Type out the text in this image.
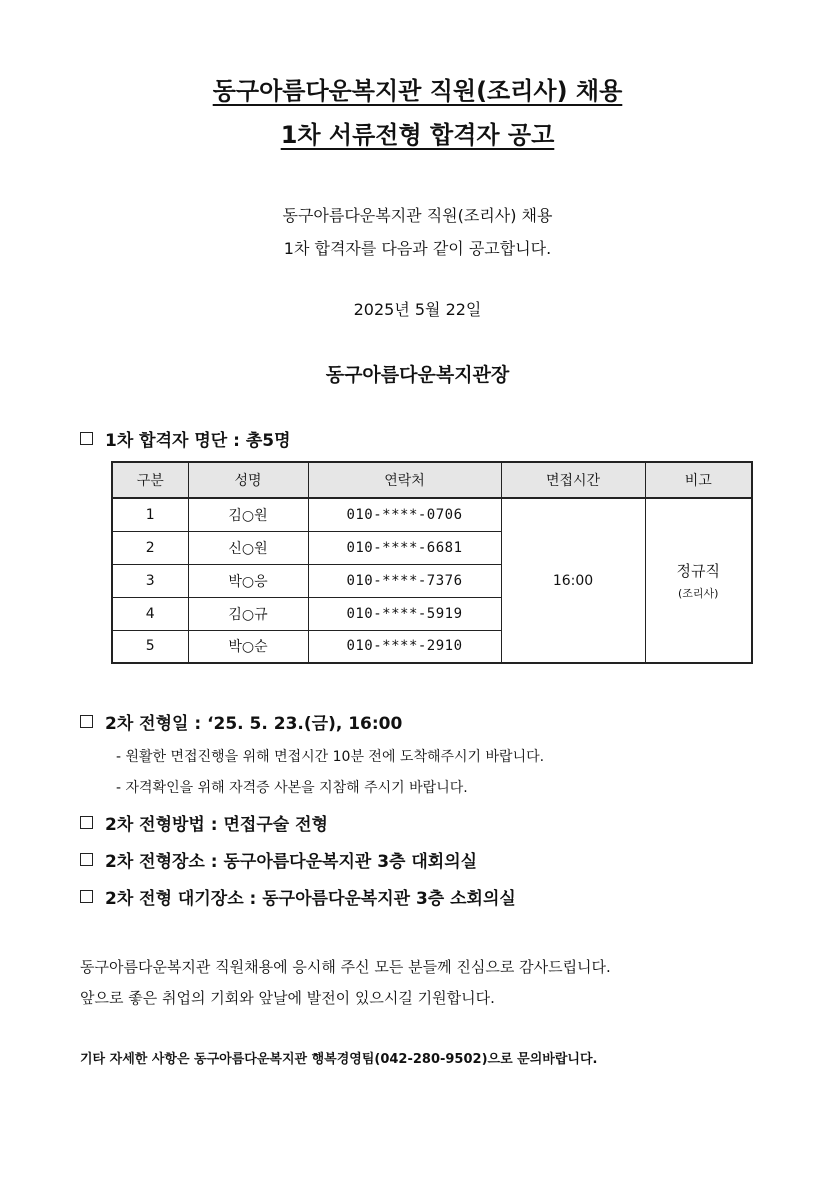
동구아름다운복지관 직원(조리사) 채용
1차 서류전형 합격자 공고
동구아름다운복지관 직원(조리사) 채용
1차 합격자를 다음과 같이 공고합니다.
2025년 5월 22일
동구아름다운복지관장
1차 합격자 명단 : 총5명
구분	성명	연락처	면접시간	비고
1	김○원	010-****-0706	16:00	정규직
(조리사)

2	신○원	010-****-6681		
3	박○응	010-****-7376		
4	김○규	010-****-5919		
5	박○순	010-****-2910		
2차 전형일 : ‘25. 5. 23.(금), 16:00
- 원활한 면접진행을 위해 면접시간 10분 전에 도착해주시기 바랍니다.
- 자격확인을 위해 자격증 사본을 지참해 주시기 바랍니다.
2차 전형방법 : 면접구술 전형
2차 전형장소 : 동구아름다운복지관 3층 대회의실
2차 전형 대기장소 : 동구아름다운복지관 3층 소회의실
동구아름다운복지관 직원채용에 응시해 주신 모든 분들께 진심으로 감사드립니다.
앞으로 좋은 취업의 기회와 앞날에 발전이 있으시길 기원합니다.
기타 자세한 사항은 동구아름다운복지관 행복경영팀(042-280-9502)으로 문의바랍니다.
